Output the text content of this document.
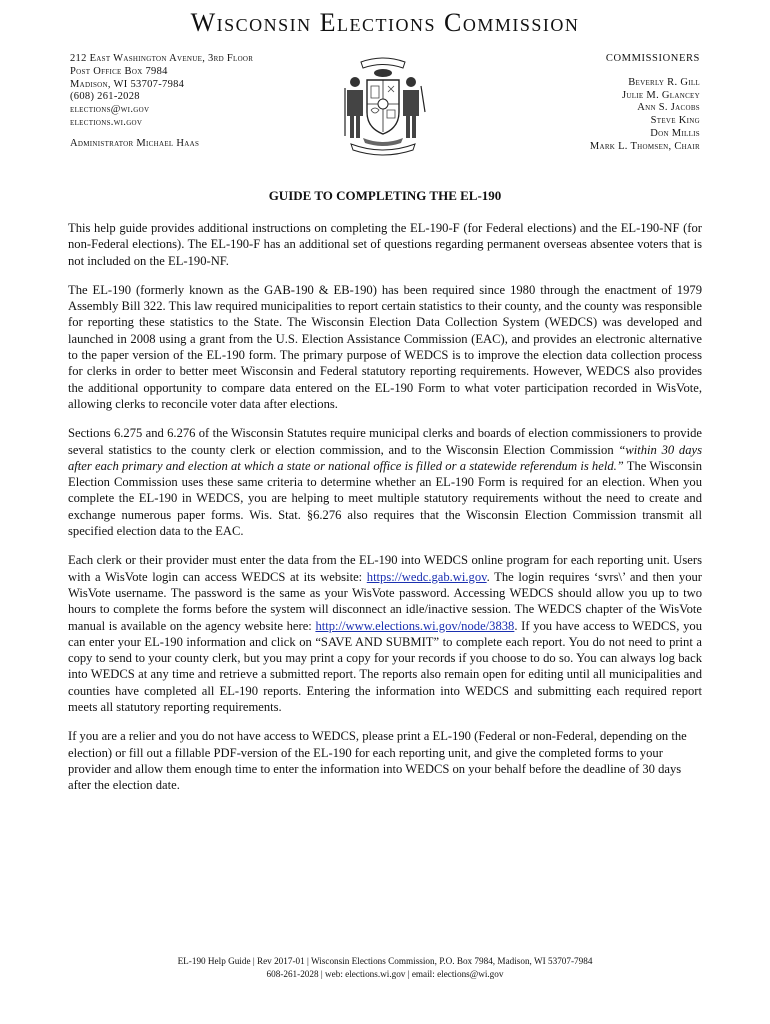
Wisconsin Elections Commission
212 East Washington Avenue, 3rd Floor
Post Office Box 7984
Madison, WI 53707-7984
(608) 261-2028
elections@wi.gov
elections.wi.gov
Administrator Michael Haas
COMMISSIONERS
Beverly R. Gill
Julie M. Glancey
Ann S. Jacobs
Steve King
Don Millis
Mark L. Thomsen, Chair
GUIDE TO COMPLETING THE EL-190

This help guide provides additional instructions on completing the EL-190-F (for Federal elections) and the EL-190-NF (for non-Federal elections). The EL-190-F has an additional set of questions regarding permanent overseas absentee voters that is not included on the EL-190-NF.

The EL-190 (formerly known as the GAB-190 & EB-190) has been required since 1980 through the enactment of 1979 Assembly Bill 322. This law required municipalities to report certain statistics to their county, and the county was responsible for reporting these statistics to the State. The Wisconsin Election Data Collection System (WEDCS) was developed and launched in 2008 using a grant from the U.S. Election Assistance Commission (EAC), and provides an electronic alternative to the paper version of the EL-190 form. The primary purpose of WEDCS is to improve the election data collection process for clerks in order to better meet Wisconsin and Federal statutory reporting requirements. However, WEDCS also provides the additional opportunity to compare data entered on the EL-190 Form to what voter participation recorded in WisVote, allowing clerks to reconcile voter data after elections.

Sections 6.275 and 6.276 of the Wisconsin Statutes require municipal clerks and boards of election commissioners to provide several statistics to the county clerk or election commission, and to the Wisconsin Election Commission “within 30 days after each primary and election at which a state or national office is filled or a statewide referendum is held.” The Wisconsin Election Commission uses these same criteria to determine whether an EL-190 Form is required for an election. When you complete the EL-190 in WEDCS, you are helping to meet multiple statutory requirements without the need to create and exchange numerous paper forms. Wis. Stat. §6.276 also requires that the Wisconsin Election Commission transmit all specified election data to the EAC.

Each clerk or their provider must enter the data from the EL-190 into WEDCS online program for each reporting unit. Users with a WisVote login can access WEDCS at its website: https://wedc.gab.wi.gov. The login requires ‘svrs\’ and then your WisVote username. The password is the same as your WisVote password. Accessing WEDCS should allow you up to two hours to complete the forms before the system will disconnect an idle/inactive session. The WEDCS chapter of the WisVote manual is available on the agency website here: http://www.elections.wi.gov/node/3838. If you have access to WEDCS, you can enter your EL-190 information and click on “SAVE AND SUBMIT” to complete each report. You do not need to print a copy to send to your county clerk, but you may print a copy for your records if you choose to do so. You can always log back into WEDCS at any time and retrieve a submitted report. The reports also remain open for editing until all municipalities and counties have completed all EL-190 reports. Entering the information into WEDCS and submitting each required report meets all statutory reporting requirements.

If you are a relier and you do not have access to WEDCS, please print a EL-190 (Federal or non-Federal, depending on the election) or fill out a fillable PDF-version of the EL-190 for each reporting unit, and give the completed forms to your provider and allow them enough time to enter the information into WEDCS on your behalf before the deadline of 30 days after the election date.

EL-190 Help Guide | Rev 2017-01 | Wisconsin Elections Commission, P.O. Box 7984, Madison, WI 53707-7984
608-261-2028 | web: elections.wi.gov | email: elections@wi.gov
